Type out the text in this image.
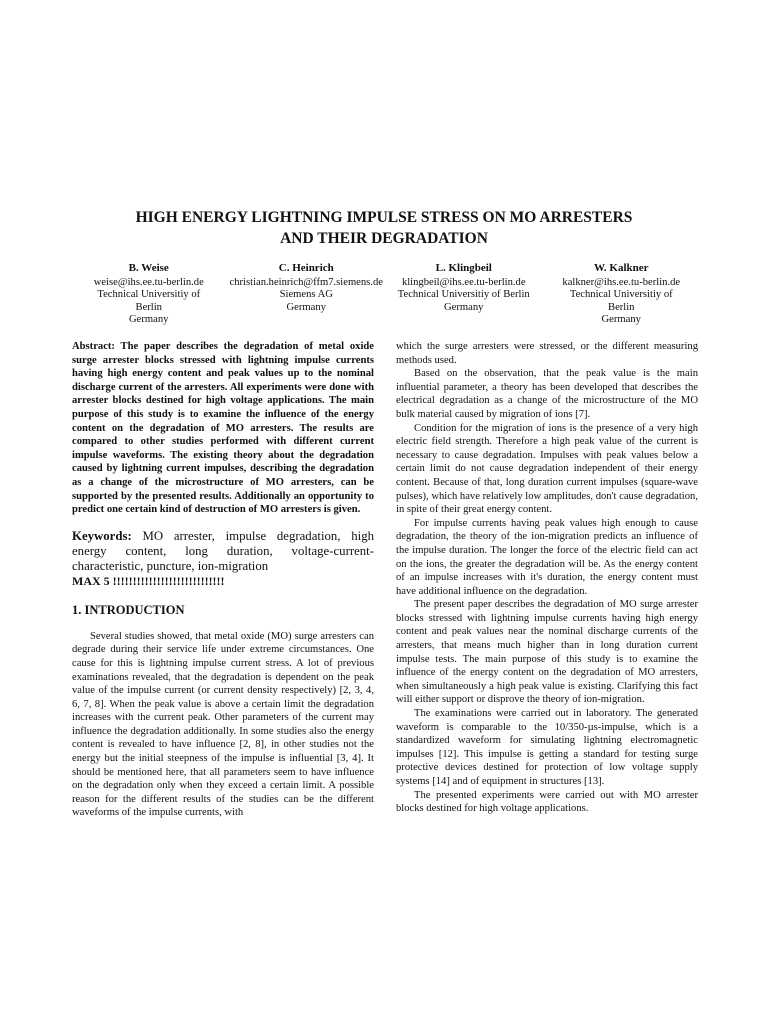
HIGH ENERGY LIGHTNING IMPULSE STRESS ON MO ARRESTERS
AND THEIR DEGRADATION
B. Weise
weise@ihs.ee.tu-berlin.de
Technical Universitiy of
Berlin
Germany
C. Heinrich
christian.heinrich@ffm7.siemens.de
Siemens AG
Germany
L. Klingbeil
klingbeil@ihs.ee.tu-berlin.de
Technical Universitiy of Berlin
Germany
W. Kalkner
kalkner@ihs.ee.tu-berlin.de
Technical Universitiy of
Berlin
Germany

Abstract: The paper describes the degradation of metal oxide surge arrester blocks stressed with lightning impulse currents having high energy content and peak values up to the nominal discharge current of the arresters. All experiments were done with arrester blocks destined for high voltage applications. The main purpose of this study is to examine the influence of the energy content on the degradation of MO arresters. The results are compared to other studies performed with different current impulse waveforms. The existing theory about the degradation caused by lightning current impulses, describing the degradation as a change of the microstructure of MO arresters, can be supported by the presented results. Additionally an opportunity to predict one certain kind of destruction of MO arresters is given.

Keywords: MO arrester, impulse degradation, high energy content, long duration, voltage-current-characteristic, puncture, ion-migration

MAX 5 !!!!!!!!!!!!!!!!!!!!!!!!!!!!

1. INTRODUCTION

Several studies showed, that metal oxide (MO) surge arresters can degrade during their service life under extreme circumstances. One cause for this is lightning impulse current stress. A lot of previous examinations revealed, that the degradation is dependent on the peak value of the impulse current (or current density respectively) [2, 3, 4, 6, 7, 8]. When the peak value is above a certain limit the degradation increases with the current peak. Other parameters of the current may influence the degradation additionally. In some studies also the energy content is revealed to have influence [2, 8], in other studies not the energy but the initial steepness of the impulse is influential [3, 4]. It should be mentioned here, that all parameters seem to have influence on the degradation only when they exceed a certain limit. A possible reason for the different results of the studies can be the different waveforms of the impulse currents, with

which the surge arresters were stressed, or the different measuring methods used.

Based on the observation, that the peak value is the main influential parameter, a theory has been developed that describes the electrical degradation as a change of the microstructure of the MO bulk material caused by migration of ions [7].

Condition for the migration of ions is the presence of a very high electric field strength. Therefore a high peak value of the current is necessary to cause degradation. Impulses with peak values below a certain limit do not cause degradation independent of their energy content. Because of that, long duration current impulses (square-wave pulses), which have relatively low amplitudes, don't cause degradation, in spite of their great energy content.

For impulse currents having peak values high enough to cause degradation, the theory of the ion-migration predicts an influence of the impulse duration. The longer the force of the electric field can act on the ions, the greater the degradation will be. As the energy content of an impulse increases with it's duration, the energy content must have additional influence on the degradation.

The present paper describes the degradation of MO surge arrester blocks stressed with lightning impulse currents having high energy content and peak values near the nominal discharge currents of the arresters, that means much higher than in long duration current impulse tests. The main purpose of this study is to examine the influence of the energy content on the degradation of MO arresters, when simultaneously a high peak value is existing. Clarifying this fact will either support or disprove the theory of ion-migration.

The examinations were carried out in laboratory. The generated waveform is comparable to the 10/350-µs-impulse, which is a standardized waveform for simulating lightning electromagnetic impulses [12]. This impulse is getting a standard for testing surge protective devices destined for protection of low voltage supply systems [14] and of equipment in structures [13].

The presented experiments were carried out with MO arrester blocks destined for high voltage applications.
